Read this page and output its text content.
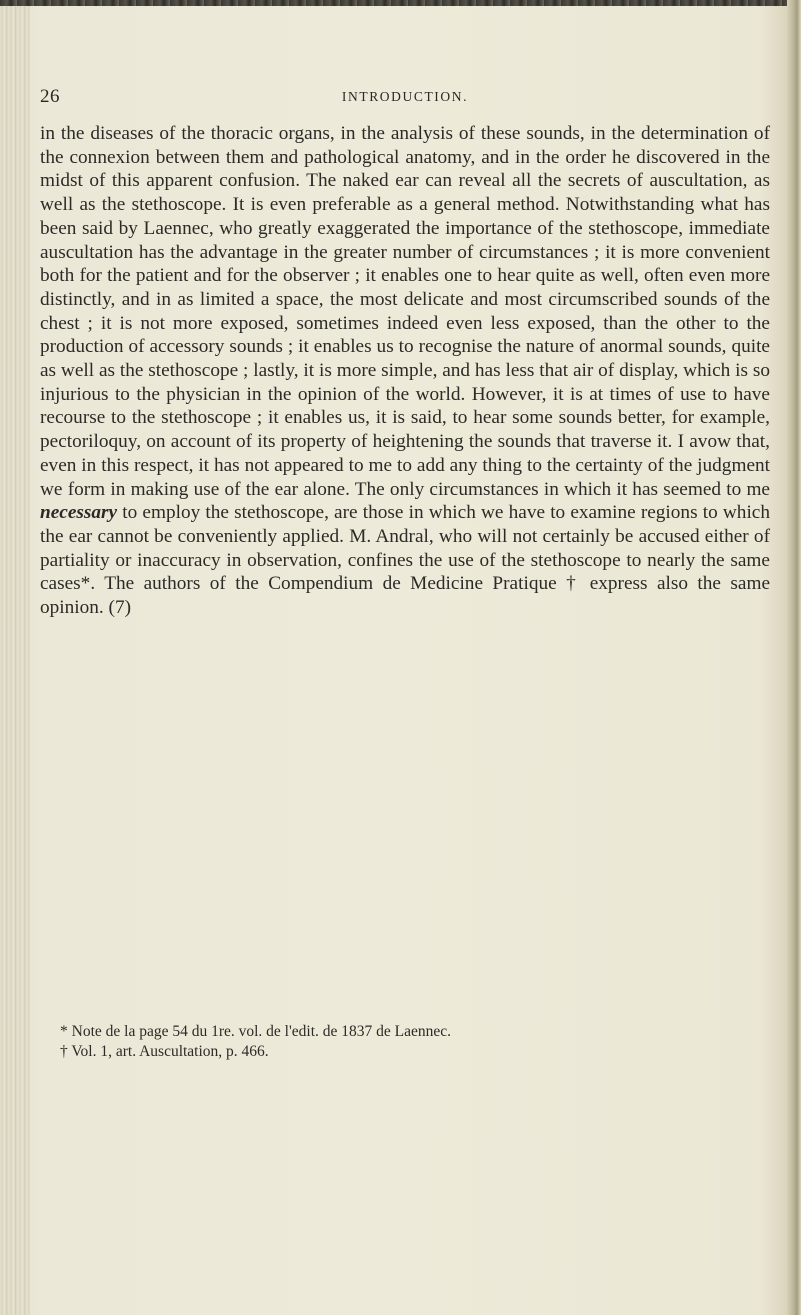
26	INTRODUCTION.

in the diseases of the thoracic organs, in the analysis of these sounds, in the determination of the connexion between them and pathological anatomy, and in the order he discovered in the midst of this apparent confusion. The naked ear can reveal all the secrets of auscultation, as well as the stethoscope. It is even preferable as a general method. Notwithstanding what has been said by Laennec, who greatly exaggerated the importance of the stethoscope, immediate auscultation has the advantage in the greater number of circumstances ; it is more convenient both for the patient and for the observer ; it enables one to hear quite as well, often even more distinctly, and in as limited a space, the most delicate and most circumscribed sounds of the chest ; it is not more exposed, sometimes indeed even less exposed, than the other to the production of accessory sounds ; it enables us to recognise the nature of anormal sounds, quite as well as the stethoscope ; lastly, it is more simple, and has less that air of display, which is so injurious to the physician in the opinion of the world. However, it is at times of use to have recourse to the stethoscope ; it enables us, it is said, to hear some sounds better, for example, pectoriloquy, on account of its property of heightening the sounds that traverse it. I avow that, even in this respect, it has not appeared to me to add any thing to the certainty of the judgment we form in making use of the ear alone. The only circumstances in which it has seemed to me necessary to employ the stethoscope, are those in which we have to examine regions to which the ear cannot be conveniently applied. M. Andral, who will not certainly be accused either of partiality or inaccuracy in observation, confines the use of the stethoscope to nearly the same cases*. The authors of the Compendium de Medicine Pratique † express also the same opinion. (7)

* Note de la page 54 du 1re. vol. de l'edit. de 1837 de Laennec.

† Vol. 1, art. Auscultation, p. 466.
